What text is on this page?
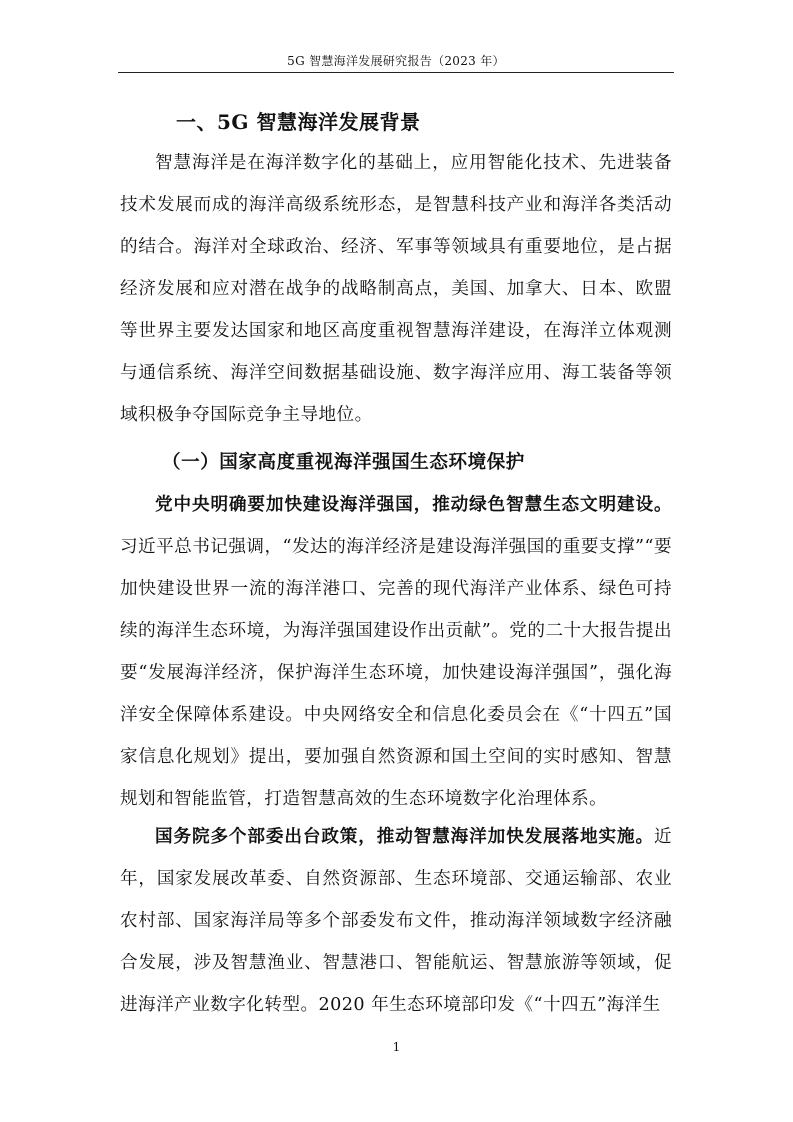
5G 智慧海洋发展研究报告（2023 年）
一、5G 智慧海洋发展背景

智慧海洋是在海洋数字化的基础上，应用智能化技术、先进装备技术发展而成的海洋高级系统形态，是智慧科技产业和海洋各类活动的结合。海洋对全球政治、经济、军事等领域具有重要地位，是占据经济发展和应对潜在战争的战略制高点，美国、加拿大、日本、欧盟等世界主要发达国家和地区高度重视智慧海洋建设，在海洋立体观测与通信系统、海洋空间数据基础设施、数字海洋应用、海工装备等领域积极争夺国际竞争主导地位。

（一）国家高度重视海洋强国生态环境保护

党中央明确要加快建设海洋强国，推动绿色智慧生态文明建设。习近平总书记强调，“发达的海洋经济是建设海洋强国的重要支撑”“要加快建设世界一流的海洋港口、完善的现代海洋产业体系、绿色可持续的海洋生态环境，为海洋强国建设作出贡献”。党的二十大报告提出要“发展海洋经济，保护海洋生态环境，加快建设海洋强国”，强化海洋安全保障体系建设。中央网络安全和信息化委员会在《“十四五”国家信息化规划》提出，要加强自然资源和国土空间的实时感知、智慧规划和智能监管，打造智慧高效的生态环境数字化治理体系。

国务院多个部委出台政策，推动智慧海洋加快发展落地实施。近年，国家发展改革委、自然资源部、生态环境部、交通运输部、农业农村部、国家海洋局等多个部委发布文件，推动海洋领域数字经济融合发展，涉及智慧渔业、智慧港口、智能航运、智慧旅游等领域，促进海洋产业数字化转型。2020 年生态环境部印发《“十四五”海洋生

1
